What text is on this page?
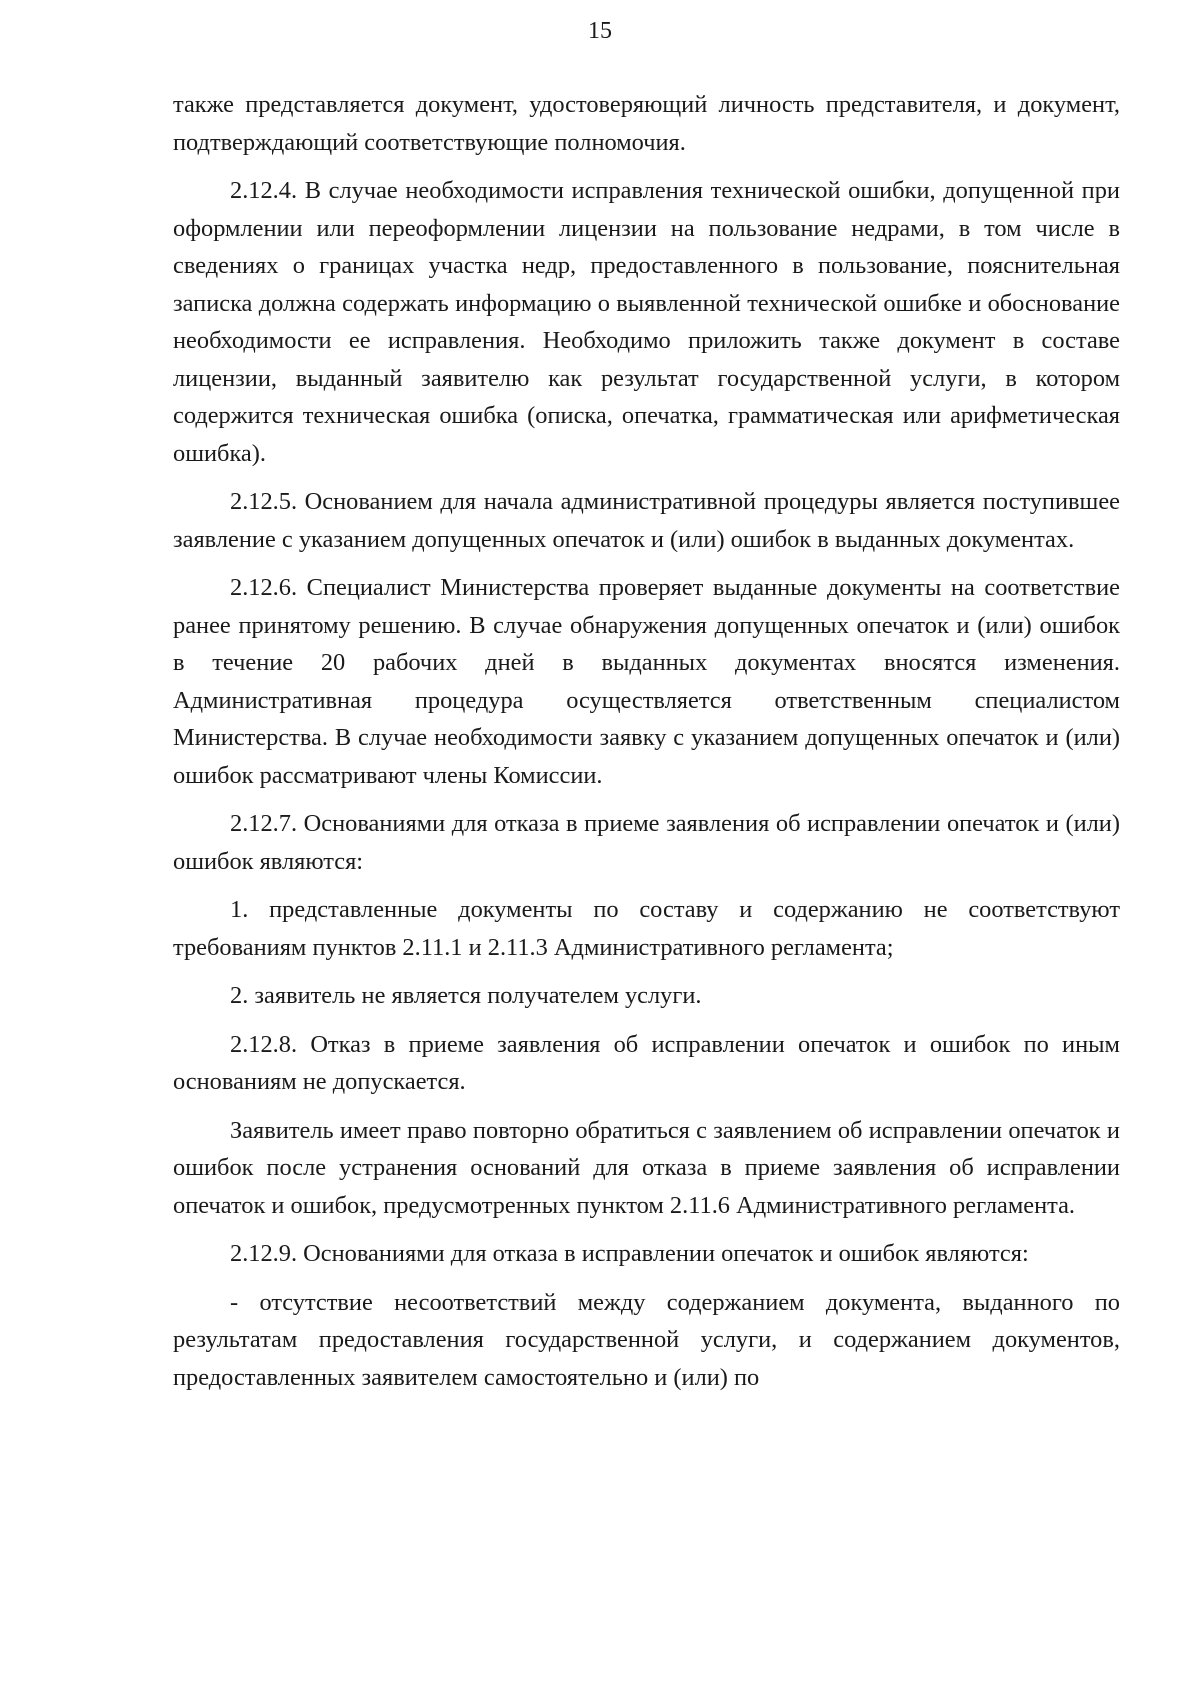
15

также представляется документ, удостоверяющий личность представителя, и документ, подтверждающий соответствующие полномочия.

2.12.4. В случае необходимости исправления технической ошибки, допущенной при оформлении или переоформлении лицензии на пользование недрами, в том числе в сведениях о границах участка недр, предоставленного в пользование, пояснительная записка должна содержать информацию о выявленной технической ошибке и обоснование необходимости ее исправления. Необходимо приложить также документ в составе лицензии, выданный заявителю как результат государственной услуги, в котором содержится техническая ошибка (описка, опечатка, грамматическая или арифметическая ошибка).

2.12.5. Основанием для начала административной процедуры является поступившее заявление с указанием допущенных опечаток и (или) ошибок в выданных документах.

2.12.6. Специалист Министерства проверяет выданные документы на соответствие ранее принятому решению. В случае обнаружения допущенных опечаток и (или) ошибок в течение 20 рабочих дней в выданных документах вносятся изменения. Административная процедура осуществляется ответственным специалистом Министерства. В случае необходимости заявку с указанием допущенных опечаток и (или) ошибок рассматривают члены Комиссии.

2.12.7. Основаниями для отказа в приеме заявления об исправлении опечаток и (или) ошибок являются:

1. представленные документы по составу и содержанию не соответствуют требованиям пунктов 2.11.1 и 2.11.3 Административного регламента;

2. заявитель не является получателем услуги.

2.12.8. Отказ в приеме заявления об исправлении опечаток и ошибок по иным основаниям не допускается.

Заявитель имеет право повторно обратиться с заявлением об исправлении опечаток и ошибок после устранения оснований для отказа в приеме заявления об исправлении опечаток и ошибок, предусмотренных пунктом 2.11.6 Административного регламента.

2.12.9. Основаниями для отказа в исправлении опечаток и ошибок являются:

- отсутствие несоответствий между содержанием документа, выданного по результатам предоставления государственной услуги, и содержанием документов, предоставленных заявителем самостоятельно и (или) по
